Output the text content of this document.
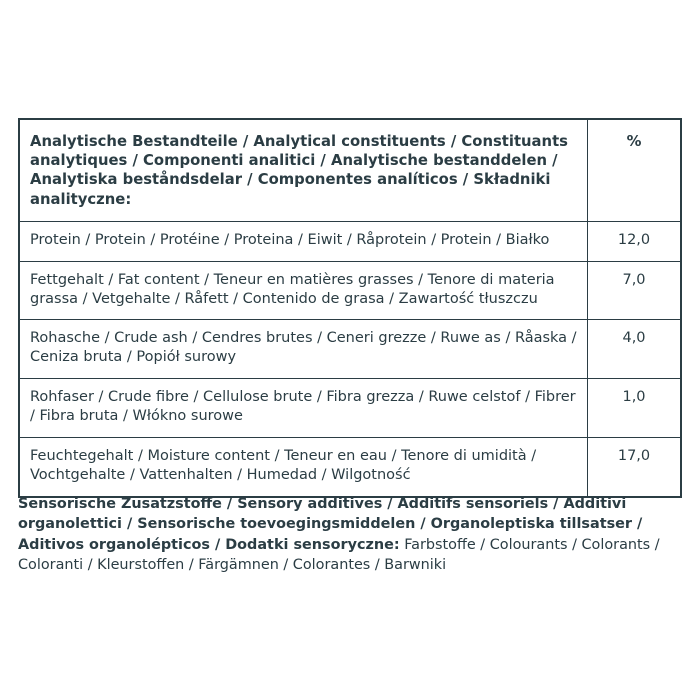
Analytische Bestandteile / Analytical constituents / Constituants analytiques / Componenti analitici / Analytische bestanddelen / Analytiska beståndsdelar / Componentes analíticos / Składniki analityczne:	%
Protein / Protein / Protéine / Proteina / Eiwit / Råprotein / Protein / Białko	12,0
Fettgehalt / Fat content / Teneur en matières grasses / Tenore di materia grassa / Vetgehalte / Råfett / Contenido de grasa / Zawartość tłuszczu	7,0
Rohasche / Crude ash / Cendres brutes / Ceneri grezze / Ruwe as / Råaska / Ceniza bruta / Popiół surowy	4,0
Rohfaser / Crude fibre / Cellulose brute / Fibra grezza / Ruwe celstof / Fibrer / Fibra bruta / Włókno surowe	1,0
Feuchtegehalt / Moisture content / Teneur en eau / Tenore di umidità / Vochtgehalte / Vattenhalten / Humedad / Wilgotność	17,0
Sensorische Zusatzstoffe / Sensory additives / Additifs sensoriels / Additivi organolettici / Sensorische toevoegingsmiddelen / Organoleptiska tillsatser / Aditivos organolépticos / Dodatki sensoryczne: Farbstoffe / Colourants / Colorants / Coloranti / Kleurstoffen / Färgämnen / Colorantes / Barwniki
